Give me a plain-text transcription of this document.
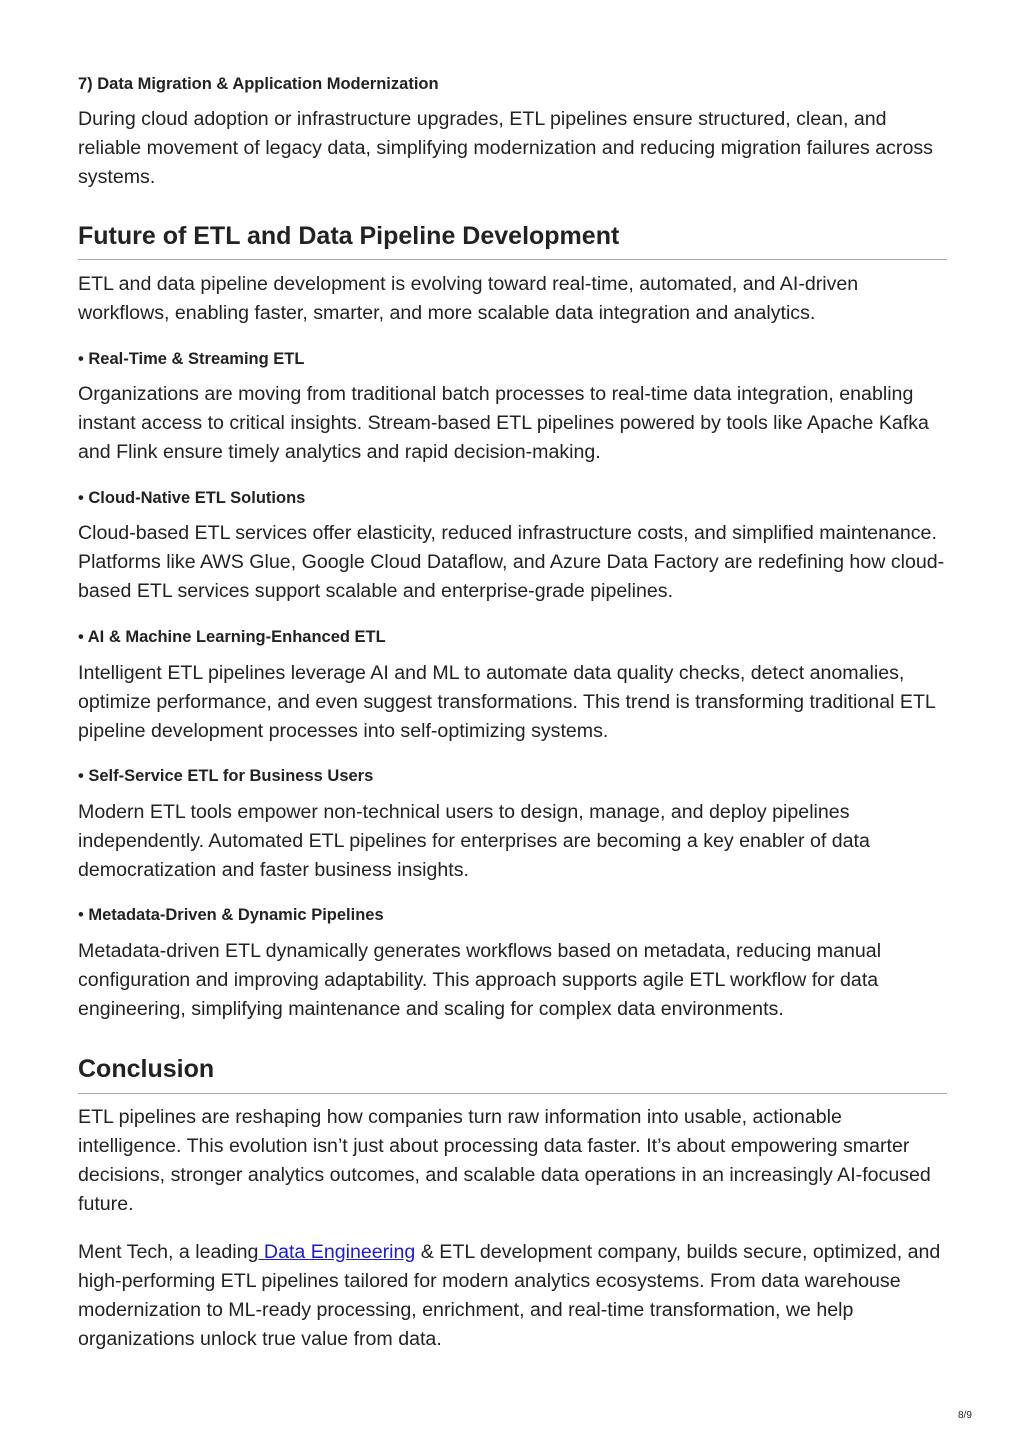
7) Data Migration & Application Modernization

During cloud adoption or infrastructure upgrades, ETL pipelines ensure structured, clean, and reliable movement of legacy data, simplifying modernization and reducing migration failures across systems.

Future of ETL and Data Pipeline Development

ETL and data pipeline development is evolving toward real-time, automated, and AI-driven workflows, enabling faster, smarter, and more scalable data integration and analytics.

• Real-Time & Streaming ETL

Organizations are moving from traditional batch processes to real-time data integration, enabling instant access to critical insights. Stream-based ETL pipelines powered by tools like Apache Kafka and Flink ensure timely analytics and rapid decision-making.

• Cloud-Native ETL Solutions

Cloud-based ETL services offer elasticity, reduced infrastructure costs, and simplified maintenance. Platforms like AWS Glue, Google Cloud Dataflow, and Azure Data Factory are redefining how cloud-based ETL services support scalable and enterprise-grade pipelines.

• AI & Machine Learning-Enhanced ETL

Intelligent ETL pipelines leverage AI and ML to automate data quality checks, detect anomalies, optimize performance, and even suggest transformations. This trend is transforming traditional ETL pipeline development processes into self-optimizing systems.

• Self-Service ETL for Business Users

Modern ETL tools empower non-technical users to design, manage, and deploy pipelines independently. Automated ETL pipelines for enterprises are becoming a key enabler of data democratization and faster business insights.

• Metadata-Driven & Dynamic Pipelines

Metadata-driven ETL dynamically generates workflows based on metadata, reducing manual configuration and improving adaptability. This approach supports agile ETL workflow for data engineering, simplifying maintenance and scaling for complex data environments.

Conclusion

ETL pipelines are reshaping how companies turn raw information into usable, actionable intelligence. This evolution isn’t just about processing data faster. It’s about empowering smarter decisions, stronger analytics outcomes, and scalable data operations in an increasingly AI-focused future.

Ment Tech, a leading Data Engineering & ETL development company, builds secure, optimized, and high-performing ETL pipelines tailored for modern analytics ecosystems. From data warehouse modernization to ML-ready processing, enrichment, and real-time transformation, we help organizations unlock true value from data.

8/9
